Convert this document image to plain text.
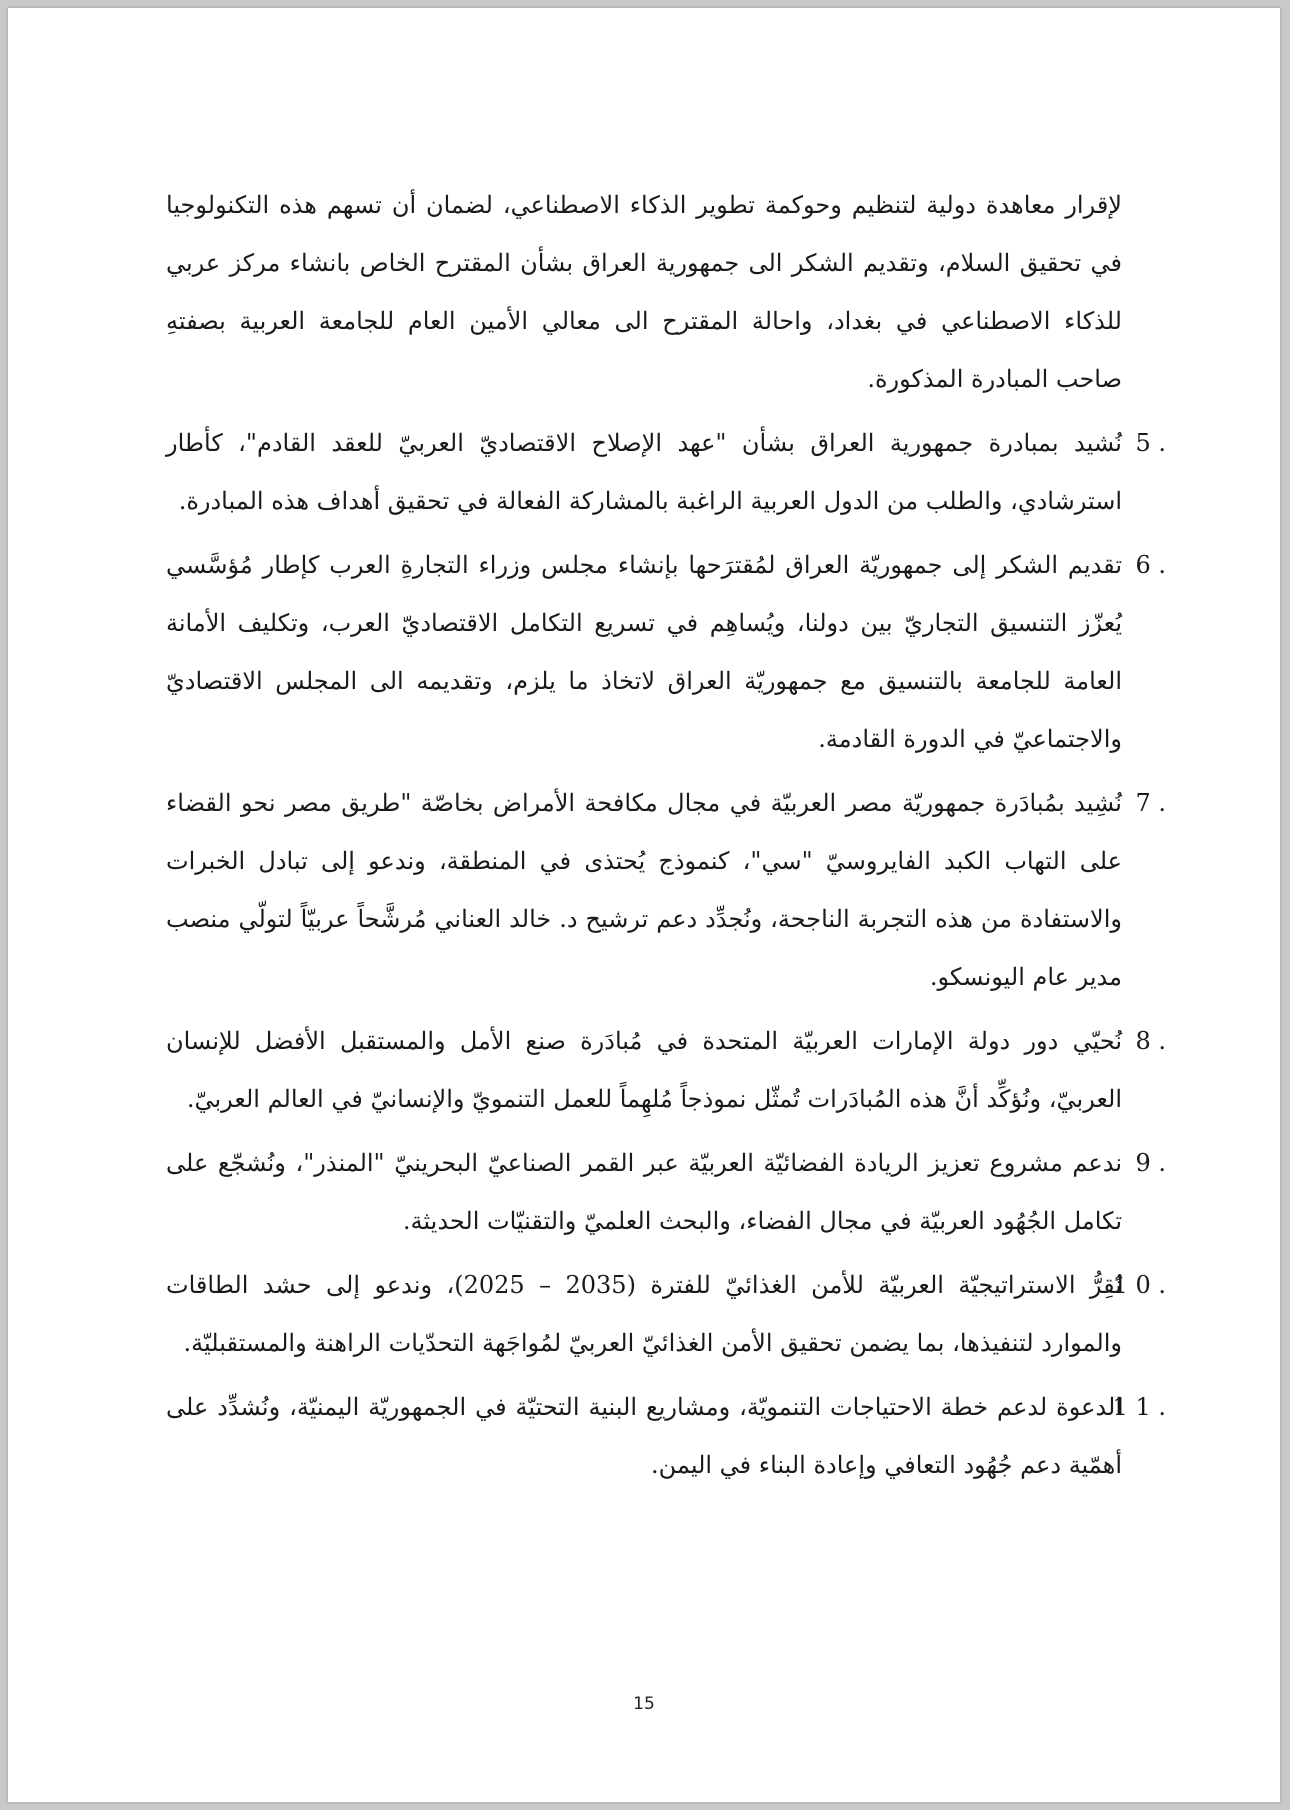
لإقرار معاهدة دولية لتنظيم وحوكمة تطوير الذكاء الاصطناعي، لضمان أن تسهم هذه التكنولوجيا في تحقيق السلام، وتقديم الشكر الى جمهورية العراق بشأن المقترح الخاص بانشاء مركز عربي للذكاء الاصطناعي في بغداد، واحالة المقترح الى معالي الأمين العام للجامعة العربية بصفتهِ صاحب المبادرة المذكورة.

5 .
نُشيد بمبادرة جمهورية العراق بشأن "عهد الإصلاح الاقتصاديّ العربيّ للعقد القادم"، كأطار استرشادي، والطلب من الدول العربية الراغبة بالمشاركة الفعالة في تحقيق أهداف هذه المبادرة.
6 .
تقديم الشكر إلى جمهوريّة العراق لمُقترَحها بإنشاء مجلس وزراء التجارةِ العرب كإطار مُؤسَّسي يُعزّز التنسيق التجاريّ بين دولنا، ويُساهِم في تسريع التكامل الاقتصاديّ العرب، وتكليف الأمانة العامة للجامعة بالتنسيق مع جمهوريّة العراق لاتخاذ ما يلزم، وتقديمه الى المجلس الاقتصاديّ والاجتماعيّ في الدورة القادمة.
7 .
نُشِيد بمُبادَرة جمهوريّة مصر العربيّة في مجال مكافحة الأمراض بخاصّة "طريق مصر نحو القضاء على التهاب الكبد الفايروسيّ "سي"، كنموذج يُحتذى في المنطقة، وندعو إلى تبادل الخبرات والاستفادة من هذه التجربة الناجحة، ونُجدِّد دعم ترشيح د. خالد العناني مُرشَّحاً عربيّاً لتولّي منصب مدير عام اليونسكو.
8 .
نُحيّي دور دولة الإمارات العربيّة المتحدة في مُبادَرة صنع الأمل والمستقبل الأفضل للإنسان العربيّ، ونُؤكِّد أنَّ هذه المُبادَرات تُمثّل نموذجاً مُلهِماً للعمل التنمويّ والإنسانيّ في العالم العربيّ.
9 .
ندعم مشروع تعزيز الريادة الفضائيّة العربيّة عبر القمر الصناعيّ البحرينيّ "المنذر"، ونُشجّع على تكامل الجُهُود العربيّة في مجال الفضاء، والبحث العلميّ والتقنيّات الحديثة.
1 0 .
نُقِرُّ الاستراتيجيّة العربيّة للأمن الغذائيّ للفترة (2035 – 2025)، وندعو إلى حشد الطاقات والموارد لتنفيذها، بما يضمن تحقيق الأمن الغذائيّ العربيّ لمُواجَهة التحدّيات الراهنة والمستقبليّة.
1 1 .
الدعوة لدعم خطة الاحتياجات التنمويّة، ومشاريع البنية التحتيّة في الجمهوريّة اليمنيّة، ونُشدِّد على أهمّية دعم جُهُود التعافي وإعادة البناء في اليمن.
15
